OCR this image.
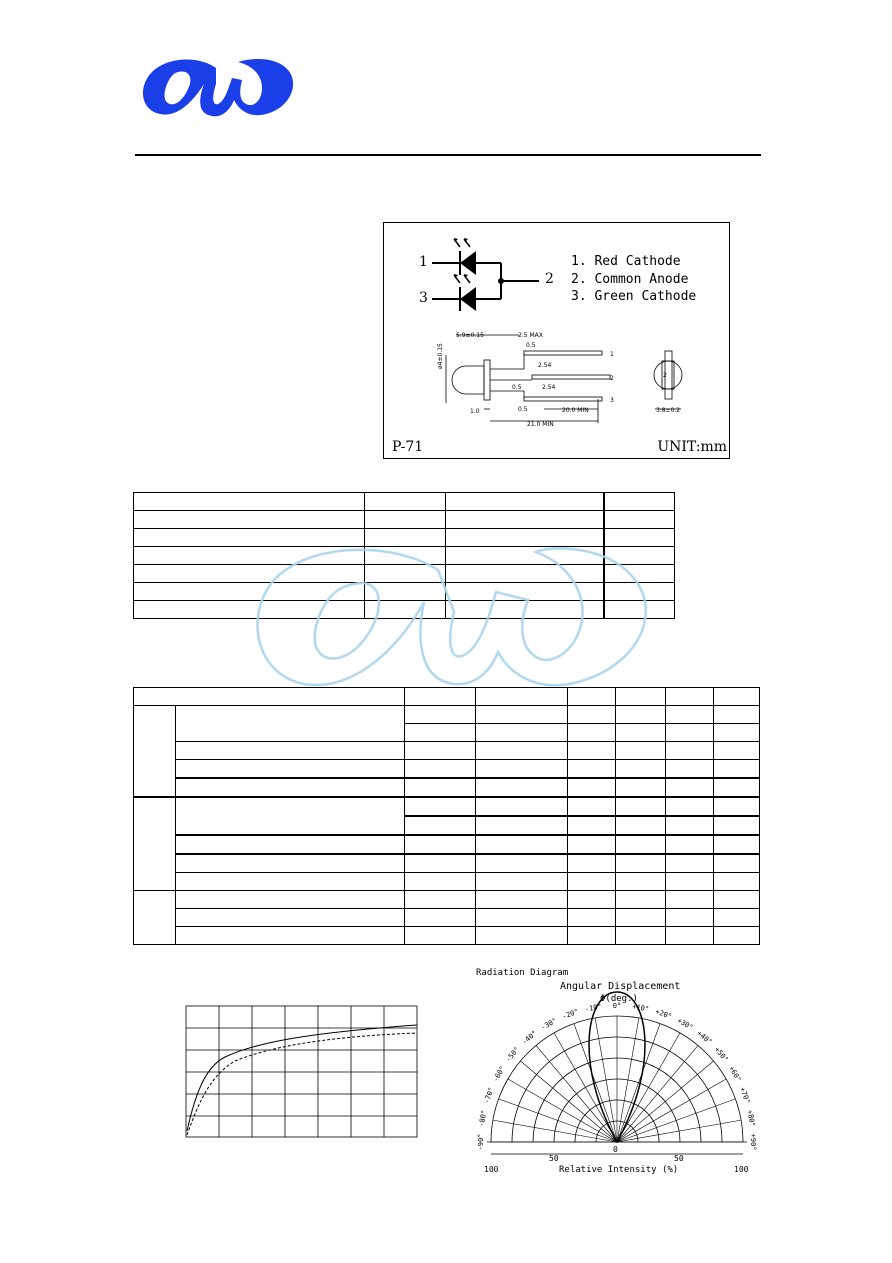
5.9±0.15	2.5 MAX
0.5
2.54
0.5	2.54
0.5
ø4±0.15
1.0	20.0 MIN
21.0 MIN
3.8±0.2
2
1
2
3
1
3
2
1. Red Cathode
2. Common Anode
3. Green Cathode
P-71	UNIT:mm

Radiation Diagram
Angular Displacement
Φ(deg.)
Relative Intensity (%)
100
50
0
50
100
-90°
-80°
-70°
-60°
-50°
-40°
-30°
-20° -10° 0° +10° +20°
+30°
+40°
+50°
+60°
+70°
+80°
+90°
